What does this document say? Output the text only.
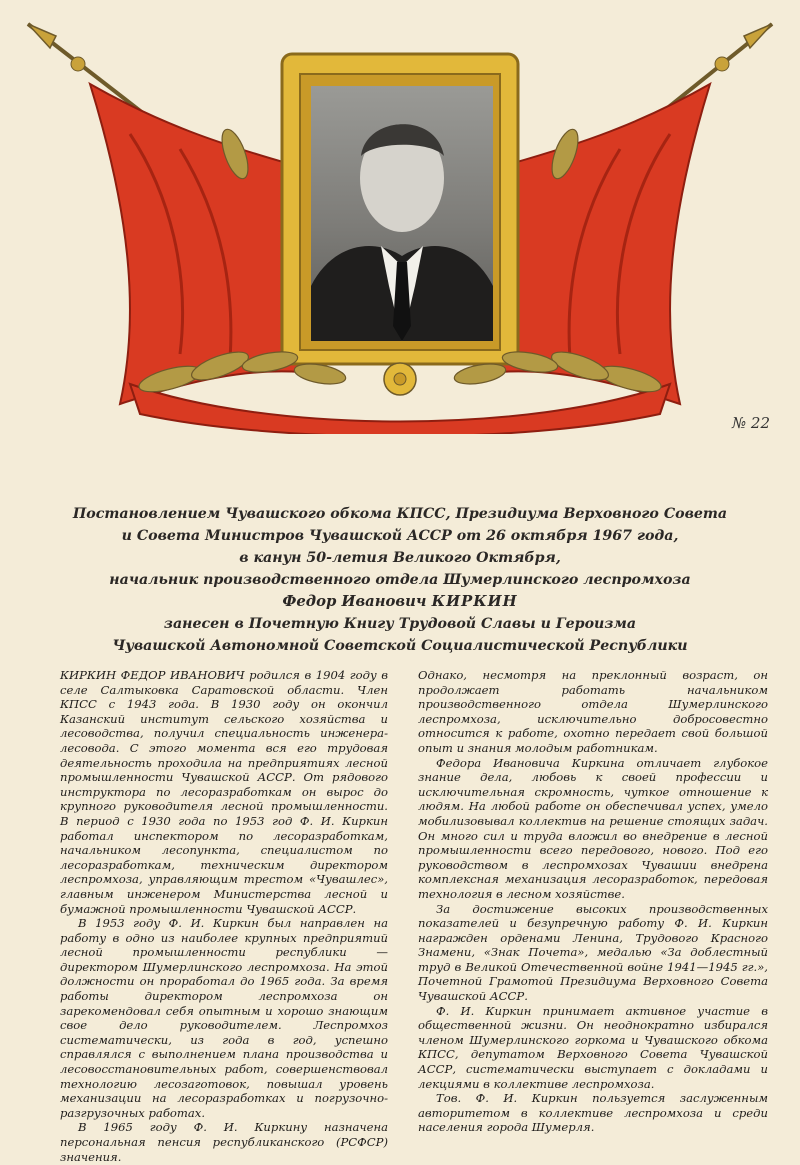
№ 22
Постановлением Чувашского обкома КПСС, Президиума Верховного Совета
и Совета Министров Чувашской АССР от 26 октября 1967 года,
в канун 50-летия Великого Октября,
начальник производственного отдела Шумерлинского леспромхоза
Федор Иванович КИРКИН
занесен в Почетную Книгу Трудовой Славы и Героизма
Чувашской Автономной Советской Социалистической Республики

КИРКИН ФЕДОР ИВАНОВИЧ родился в 1904 году в селе Салтыковка Саратовской области. Член КПСС с 1943 года. В 1930 году он окончил Казанский институт сельского хозяйства и лесоводства, получил специальность инженера-лесовода. С этого момента вся его трудовая деятельность проходила на предприятиях лесной промышленности Чувашской АССР. От рядового инструктора по лесоразработкам он вырос до крупного руководителя лесной промышленности. В период с 1930 года по 1953 год Ф. И. Киркин работал инспектором по лесоразработкам, начальником лесопункта, специалистом по лесоразработкам, техническим директором леспромхоза, управляющим трестом «Чувашлес», главным инженером Министерства лесной и бумажной промышленности Чувашской АССР.

В 1953 году Ф. И. Киркин был направлен на работу в одно из наиболее крупных предприятий лесной промышленности республики — директором Шумерлинского леспромхоза. На этой должности он проработал до 1965 года. За время работы директором леспромхоза он зарекомендовал себя опытным и хорошо знающим свое дело руководителем. Леспромхоз систематически, из года в год, успешно справлялся с выполнением плана производства и лесовосстановительных работ, совершенствовал технологию лесозаготовок, повышал уровень механизации на лесоразработках и погрузочно-разгрузочных работах.

В 1965 году Ф. И. Киркину назначена персональная пенсия республиканского (РСФСР) значения.

Однако, несмотря на преклонный возраст, он продолжает работать начальником производственного отдела Шумерлинского леспромхоза, исключительно добросовестно относится к работе, охотно передает свой большой опыт и знания молодым работникам.

Федора Ивановича Киркина отличает глубокое знание дела, любовь к своей профессии и исключительная скромность, чуткое отношение к людям. На любой работе он обеспечивал успех, умело мобилизовывал коллектив на решение стоящих задач. Он много сил и труда вложил во внедрение в лесной промышленности всего передового, нового. Под его руководством в леспромхозах Чувашии внедрена комплексная механизация лесоразработок, передовая технология в лесном хозяйстве.

За достижение высоких производственных показателей и безупречную работу Ф. И. Киркин награжден орденами Ленина, Трудового Красного Знамени, «Знак Почета», медалью «За доблестный труд в Великой Отечественной войне 1941—1945 гг.», Почетной Грамотой Президиума Верховного Совета Чувашской АССР.

Ф. И. Киркин принимает активное участие в общественной жизни. Он неоднократно избирался членом Шумерлинского горкома и Чувашского обкома КПСС, депутатом Верховного Совета Чувашской АССР, систематически выступает с докладами и лекциями в коллективе леспромхоза.

Тов. Ф. И. Киркин пользуется заслуженным авторитетом в коллективе леспромхоза и среди населения города Шумерля.
